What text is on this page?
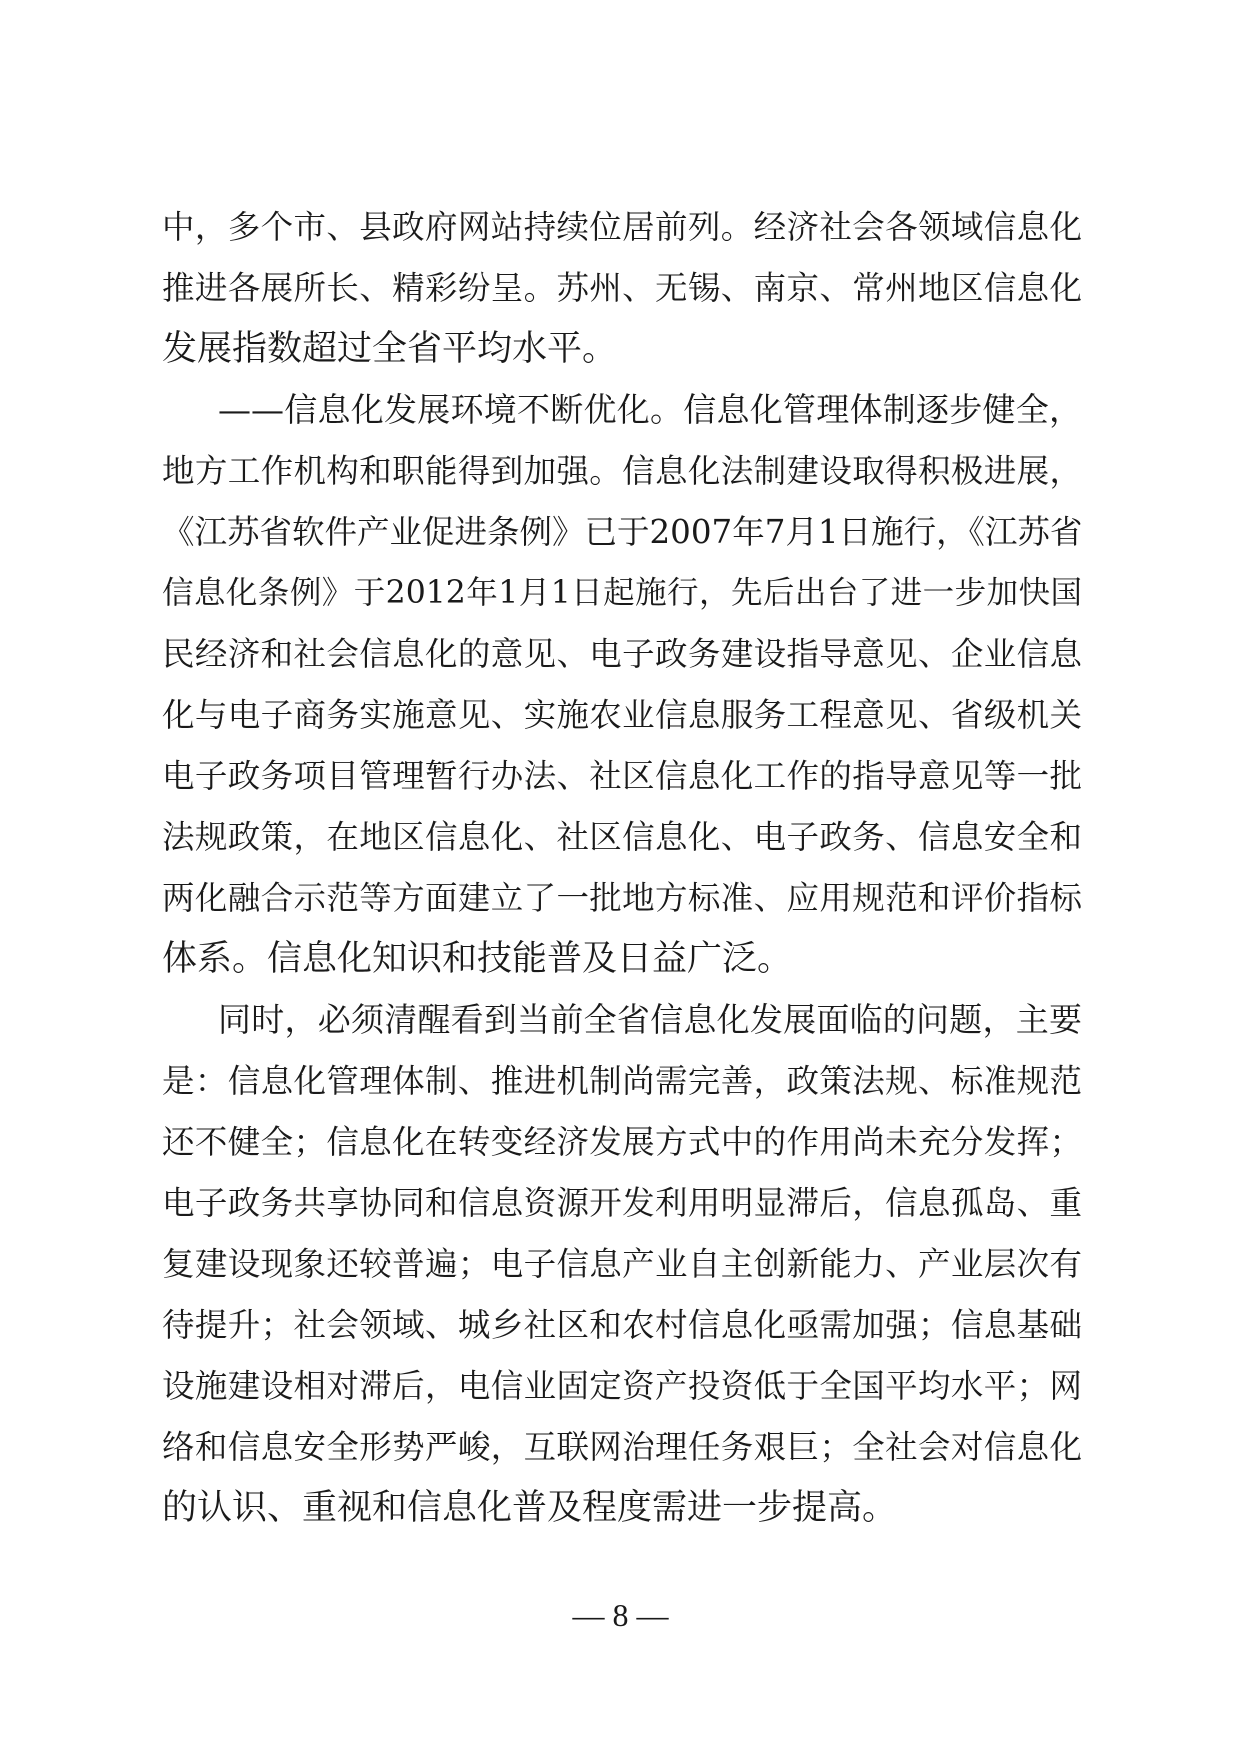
中，多个市、县政府网站持续位居前列。经济社会各领域信息化
推进各展所长、精彩纷呈。苏州、无锡、南京、常州地区信息化
发展指数超过全省平均水平。
——信息化发展环境不断优化。信息化管理体制逐步健全，
地方工作机构和职能得到加强。信息化法制建设取得积极进展，
《江苏省软件产业促进条例》已于2007年7月1日施行，《江苏省
信息化条例》于2012年1月1日起施行，先后出台了进一步加快国
民经济和社会信息化的意见、电子政务建设指导意见、企业信息
化与电子商务实施意见、实施农业信息服务工程意见、省级机关
电子政务项目管理暂行办法、社区信息化工作的指导意见等一批
法规政策，在地区信息化、社区信息化、电子政务、信息安全和
两化融合示范等方面建立了一批地方标准、应用规范和评价指标
体系。信息化知识和技能普及日益广泛。
同时，必须清醒看到当前全省信息化发展面临的问题，主要
是：信息化管理体制、推进机制尚需完善，政策法规、标准规范
还不健全；信息化在转变经济发展方式中的作用尚未充分发挥；
电子政务共享协同和信息资源开发利用明显滞后，信息孤岛、重
复建设现象还较普遍；电子信息产业自主创新能力、产业层次有
待提升；社会领域、城乡社区和农村信息化亟需加强；信息基础
设施建设相对滞后，电信业固定资产投资低于全国平均水平；网
络和信息安全形势严峻，互联网治理任务艰巨；全社会对信息化
的认识、重视和信息化普及程度需进一步提高。
— 8 —
